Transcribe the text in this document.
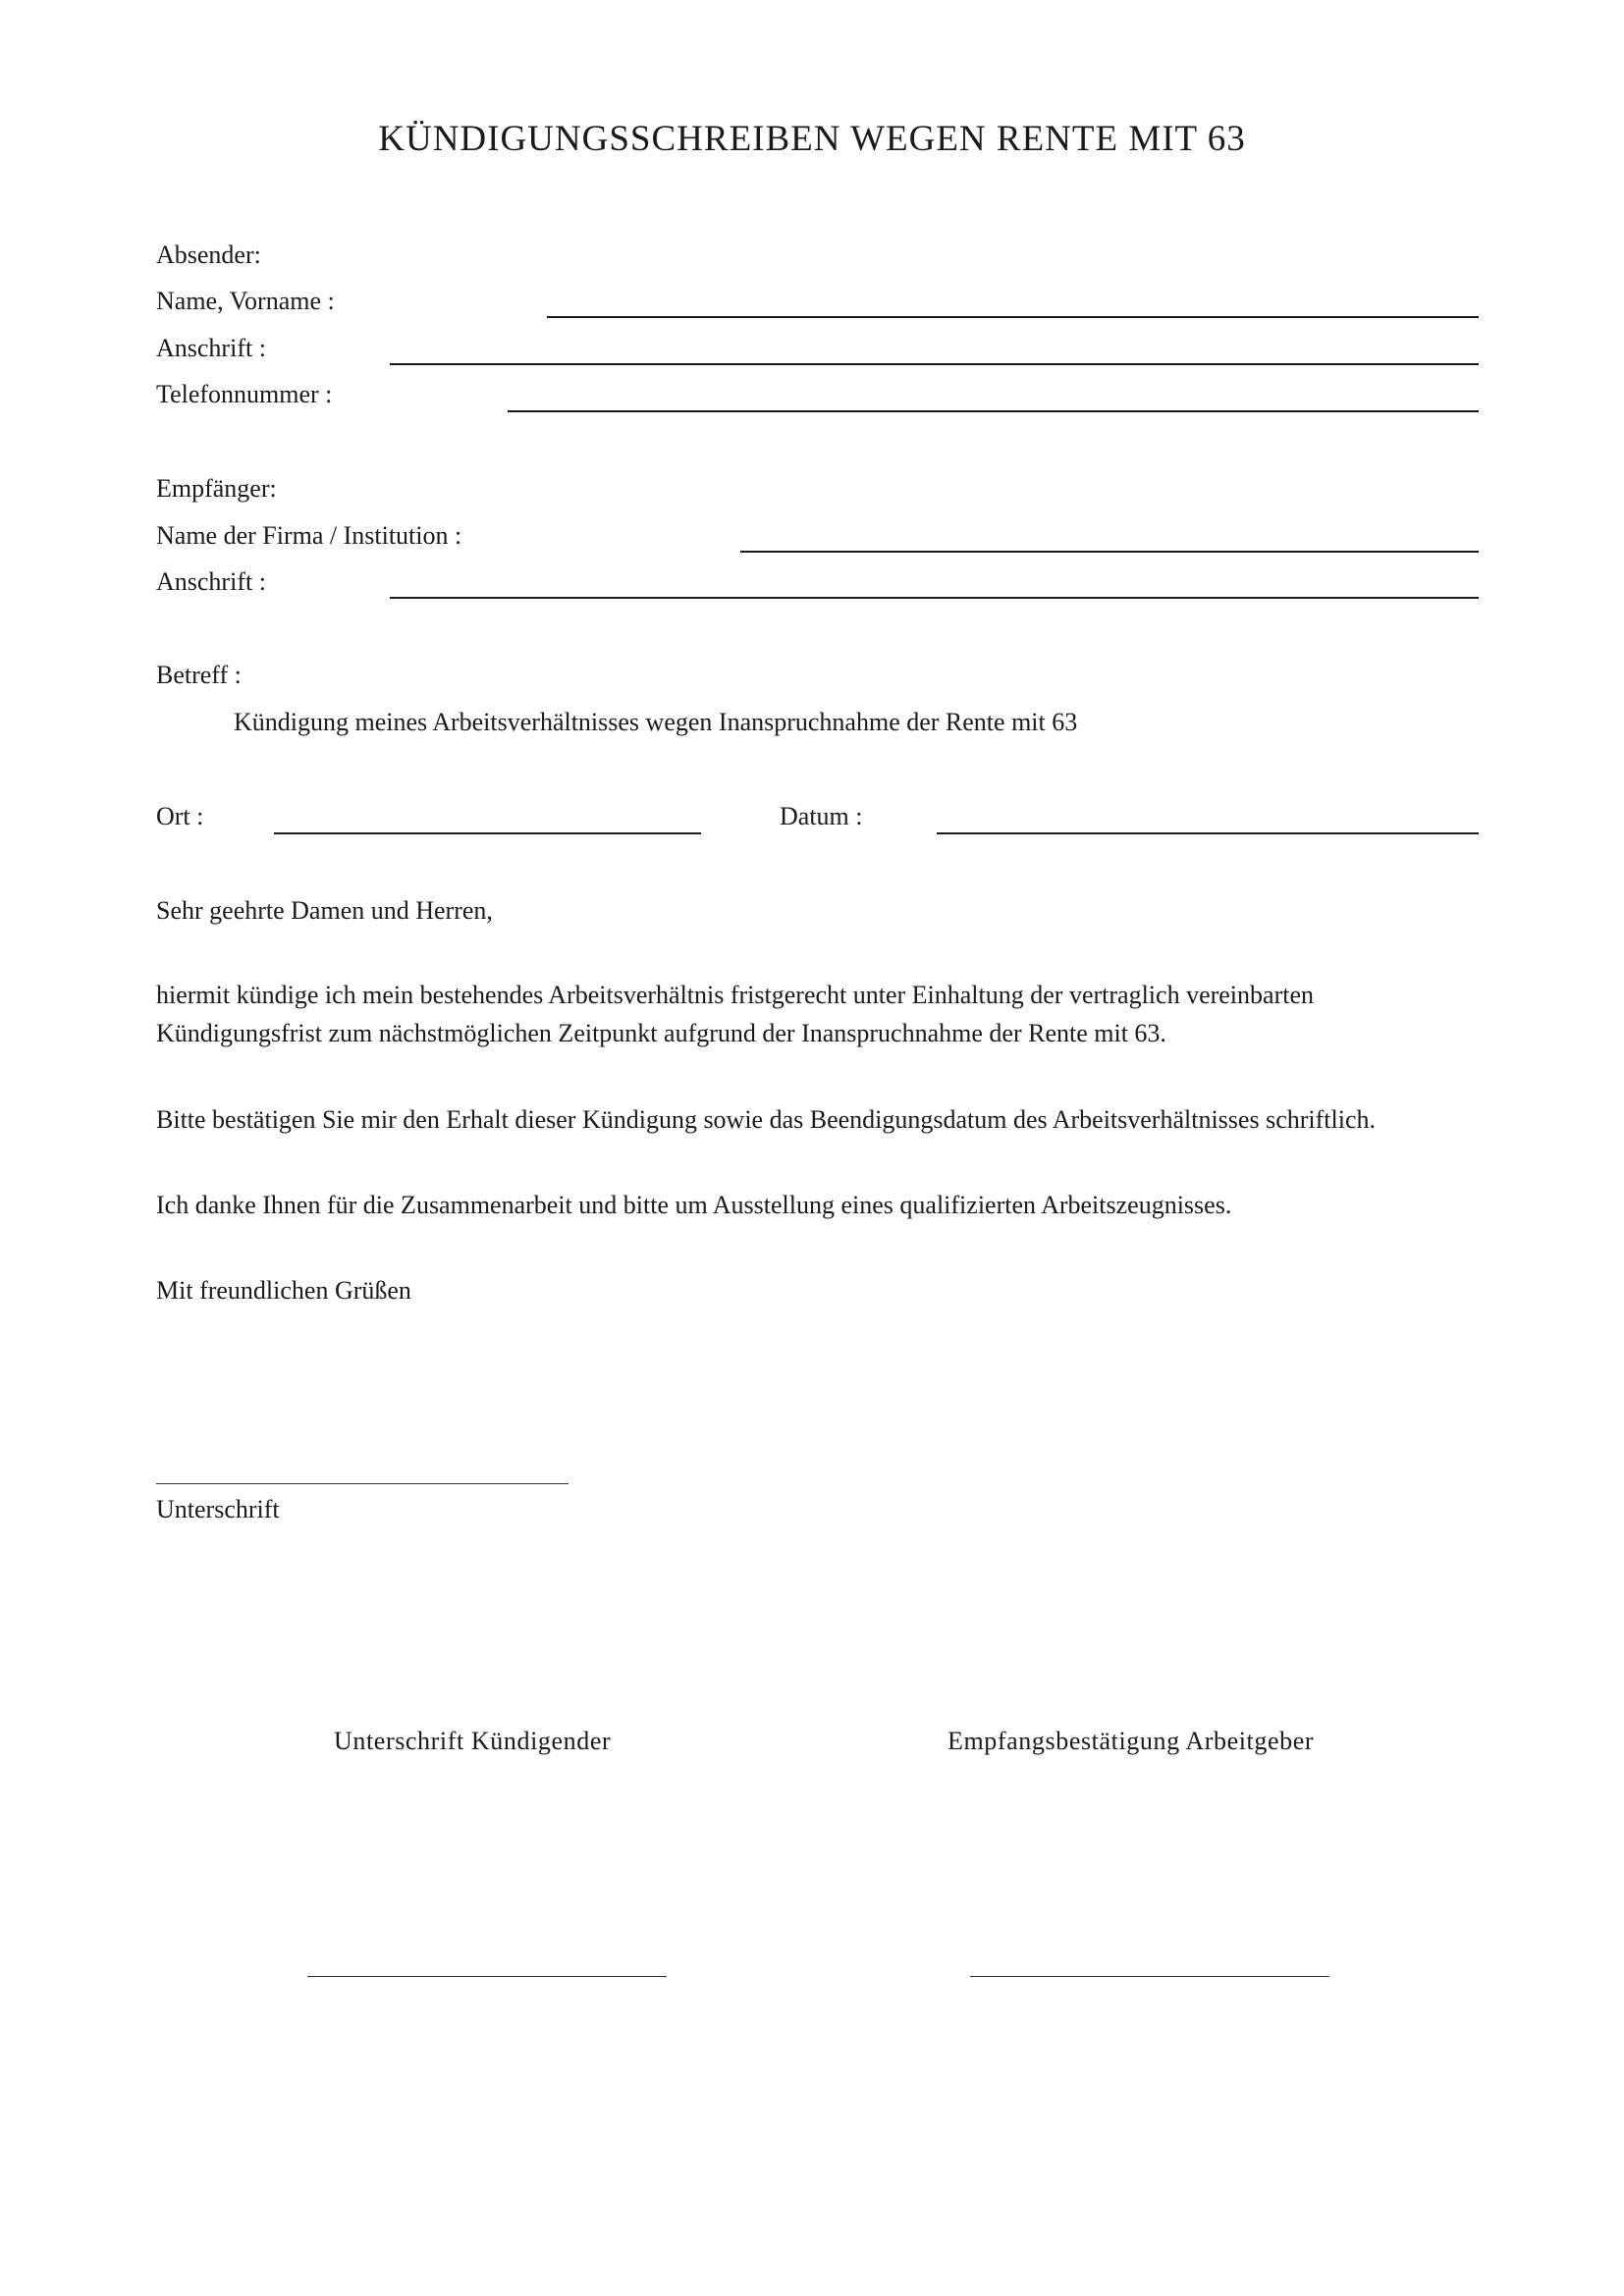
KÜNDIGUNGSSCHREIBEN WEGEN RENTE MIT 63
Absender:
Name, Vorname :
Anschrift :
Telefonnummer :
Empfänger:
Name der Firma / Institution :
Anschrift :
Betreff :
Kündigung meines Arbeitsverhältnisses wegen Inanspruchnahme der Rente mit 63
Ort :	Datum :
Sehr geehrte Damen und Herren,
hiermit kündige ich mein bestehendes Arbeitsverhältnis fristgerecht unter Einhaltung der vertraglich vereinbarten
Kündigungsfrist zum nächstmöglichen Zeitpunkt aufgrund der Inanspruchnahme der Rente mit 63.
Bitte bestätigen Sie mir den Erhalt dieser Kündigung sowie das Beendigungsdatum des Arbeitsverhältnisses schriftlich.
Ich danke Ihnen für die Zusammenarbeit und bitte um Ausstellung eines qualifizierten Arbeitszeugnisses.
Mit freundlichen Grüßen
Unterschrift
Unterschrift Kündigender	Empfangsbestätigung Arbeitgeber
